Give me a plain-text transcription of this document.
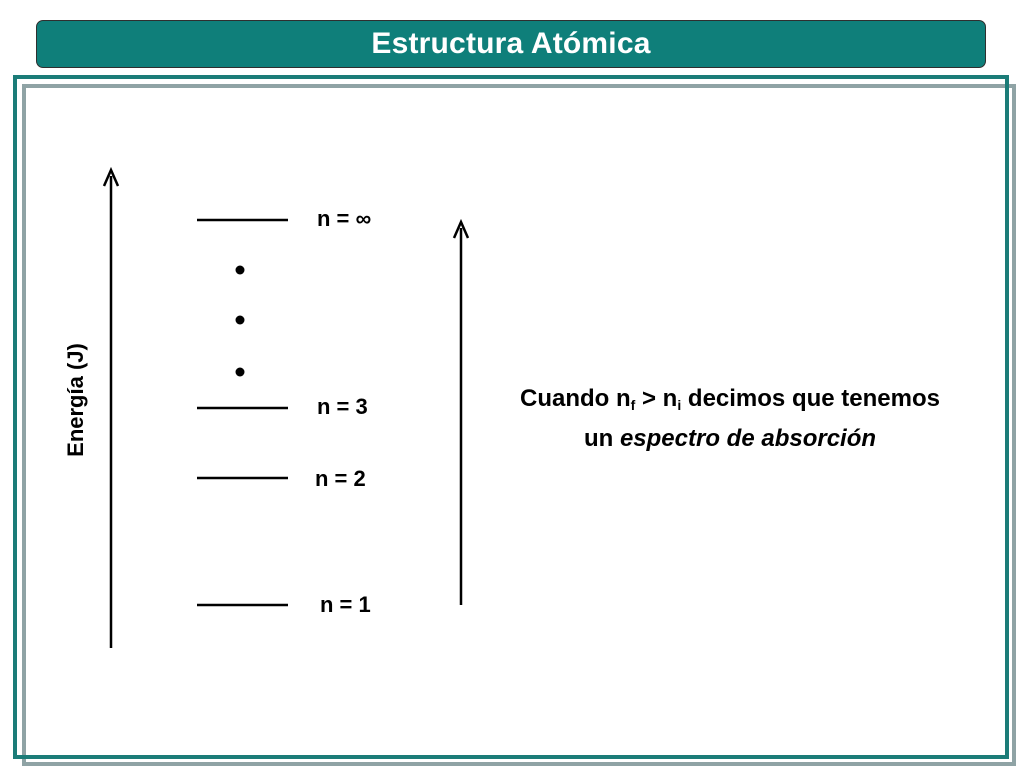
Estructura Atómica
Energía (J)
n = ∞
n = 3
n = 2
n = 1
Cuando $n_f > n_i$ decimos que tenemos
un espectro de absorción
